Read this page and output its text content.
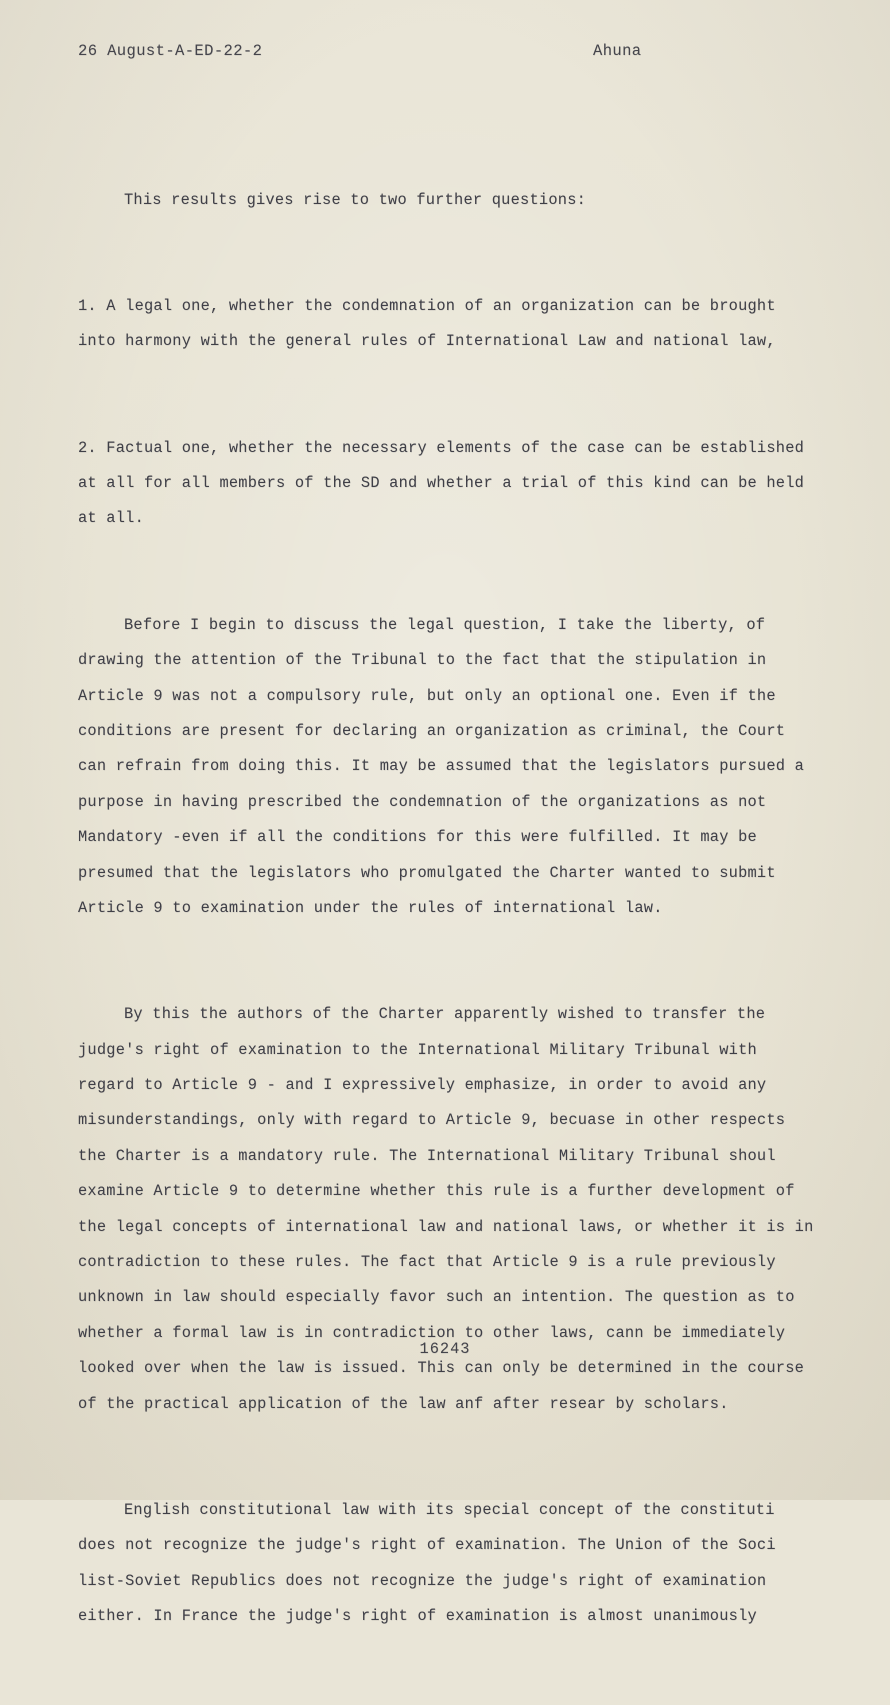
26 August-A-ED-22-2	Ahuna

This results gives rise to two further questions:

1. A legal one, whether the condemnation of an organization can be brought into harmony with the general rules of International Law and national law,

2. Factual one, whether the necessary elements of the case can be established at all for all members of the SD and whether a trial of this kind can be held at all.

Before I begin to discuss the legal question, I take the liberty, of drawing the attention of the Tribunal to the fact that the stipulation in Article 9 was not a compulsory rule, but only an optional one. Even if the conditions are present for declaring an organization as criminal, the Court can refrain from doing this. It may be assumed that the legislators pursued a purpose in having prescribed the condemnation of the organizations as not Mandatory -even if all the conditions for this were fulfilled. It may be presumed that the legislators who promulgated the Charter wanted to submit Article 9 to examination under the rules of international law.

By this the authors of the Charter apparently wished to transfer the judge's right of examination to the International Military Tribunal with regard to Article 9 - and I expressively emphasize, in order to avoid any misunderstandings, only with regard to Article 9, becuase in other respects the Charter is a mandatory rule. The International Military Tribunal shoul examine Article 9 to determine whether this rule is a further development of the legal concepts of international law and national laws, or whether it is in contradiction to these rules. The fact that Article 9 is a rule previously unknown in law should especially favor such an intention. The question as to whether a formal law is in contradiction to other laws, cann be immediately looked over when the law is issued. This can only be determined in the course of the practical application of the law anf after resear by scholars.

English constitutional law with its special concept of the constituti does not recognize the judge's right of examination. The Union of the Soci list-Soviet Republics does not recognize the judge's right of examination either. In France the judge's right of examination is almost unanimously

16243
